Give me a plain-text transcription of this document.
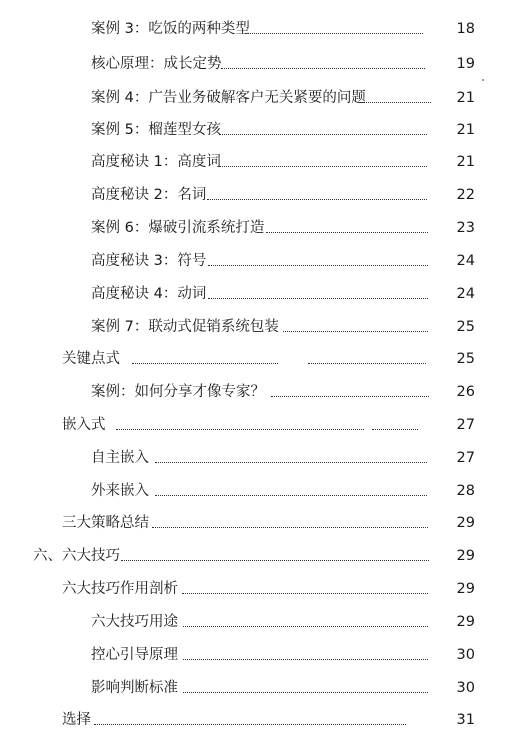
案例 3：吃饭的两种类型	18
核心原理：成长定势	19
案例 4：广告业务破解客户无关紧要的问题	21
案例 5：榴莲型女孩	21
高度秘诀 1：高度词	21
高度秘诀 2：名词	22
案例 6：爆破引流系统打造	23
高度秘诀 3：符号	24
高度秘诀 4：动词	24
案例 7：联动式促销系统包装	25
关键点式	25
案例：如何分享才像专家？	26
嵌入式	27
自主嵌入	27
外来嵌入	28
三大策略总结	29
六、六大技巧	29
六大技巧作用剖析	29
六大技巧用途	29
控心引导原理	30
影响判断标准	30
选择	31
